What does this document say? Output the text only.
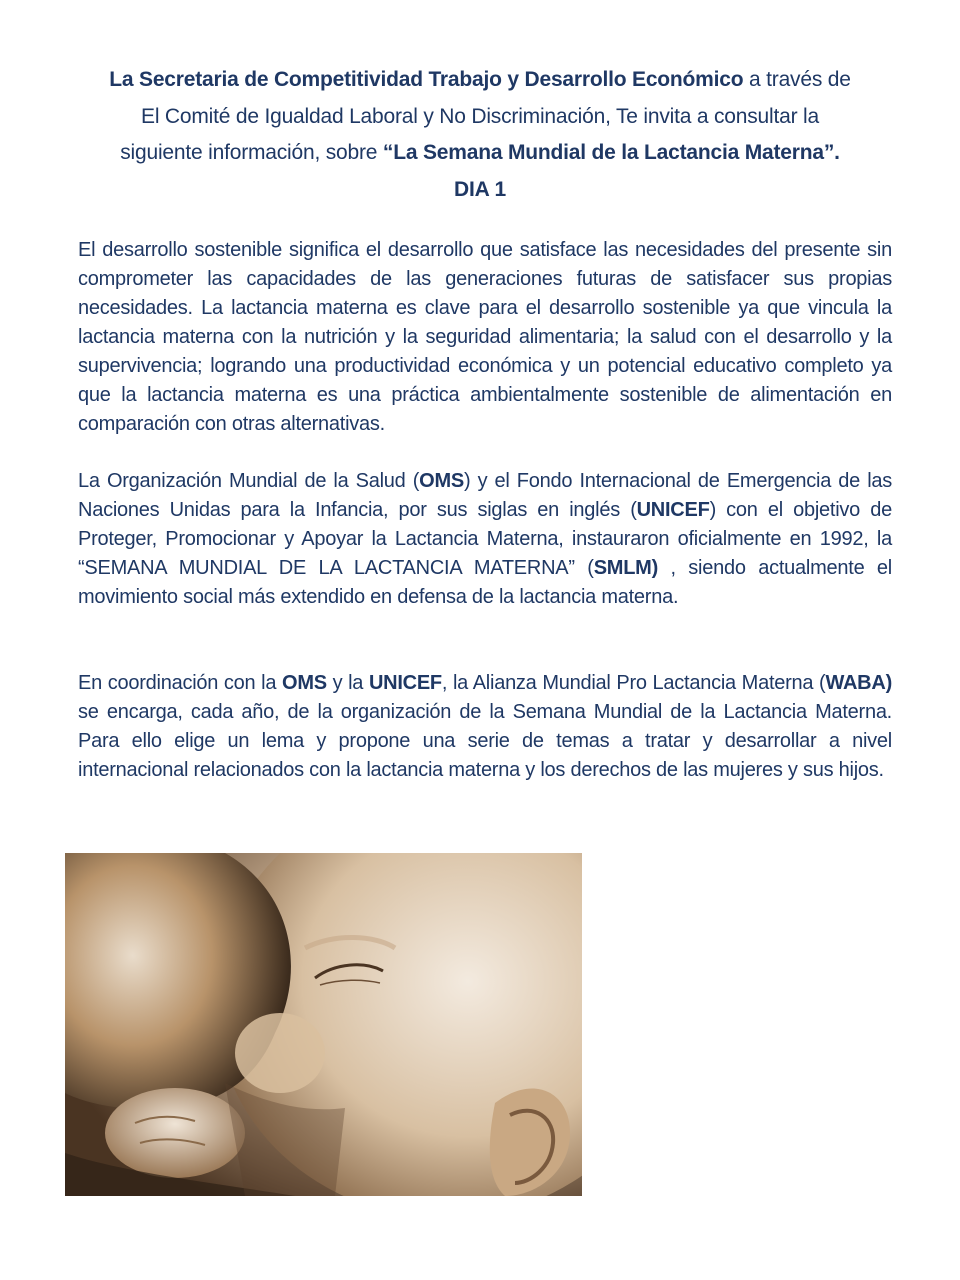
La Secretaria de Competitividad Trabajo y Desarrollo Económico a través de
El Comité de Igualdad Laboral y No Discriminación, Te invita a consultar la
siguiente información, sobre “La Semana Mundial de la Lactancia Materna”.
DIA 1

El desarrollo sostenible significa el desarrollo que satisface las necesidades del presente sin comprometer las capacidades de las generaciones futuras de satisfacer sus propias necesidades. La lactancia materna es clave para el desarrollo sostenible ya que vincula la lactancia materna con la nutrición y la seguridad alimentaria; la salud con el desarrollo y la supervivencia; logrando una productividad económica y un potencial educativo completo ya que la lactancia materna es una práctica ambientalmente sostenible de alimentación en comparación con otras alternativas.

La Organización Mundial de la Salud (OMS) y el Fondo Internacional de Emergencia de las Naciones Unidas para la Infancia, por sus siglas en inglés (UNICEF) con el objetivo de Proteger, Promocionar y Apoyar la Lactancia Materna, instauraron oficialmente en 1992, la “SEMANA MUNDIAL DE LA LACTANCIA MATERNA” (SMLM) , siendo actualmente el movimiento social más extendido en defensa de la lactancia materna.

En coordinación con la OMS y la UNICEF, la Alianza Mundial Pro Lactancia Materna (WABA) se encarga, cada año, de la organización de la Semana Mundial de la Lactancia Materna. Para ello elige un lema y propone una serie de temas a tratar y desarrollar a nivel internacional relacionados con la lactancia materna y los derechos de las mujeres y sus hijos.
